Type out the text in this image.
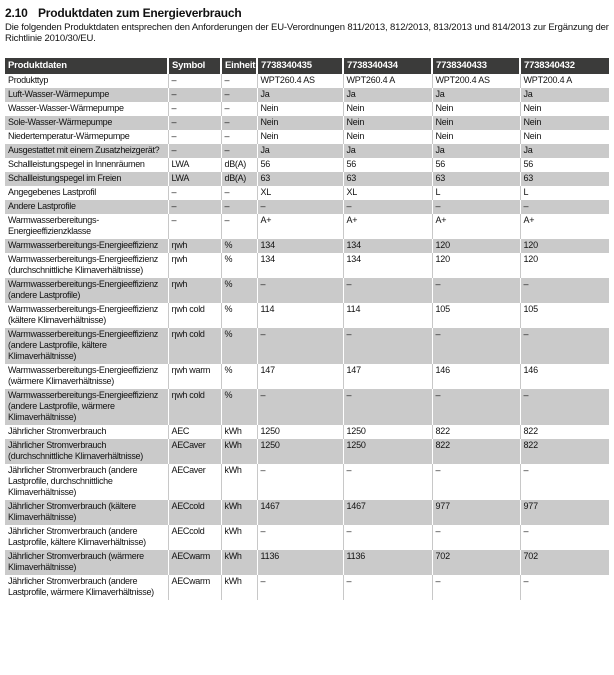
2.10 Produktdaten zum Energieverbrauch

Die folgenden Produktdaten entsprechen den Anforderungen der EU-Verordnungen 811/2013, 812/2013, 813/2013 und 814/2013 zur Ergänzung der Richtlinie 2010/30/EU.

Produktdaten	Symbol	Einheit	7738340435	7738340434	7738340433	7738340432
Produkttyp	–	–	WPT260.4 AS	WPT260.4 A	WPT200.4 AS	WPT200.4 A
Luft-Wasser-Wärmepumpe	–	–	Ja	Ja	Ja	Ja
Wasser-Wasser-Wärmepumpe	–	–	Nein	Nein	Nein	Nein
Sole-Wasser-Wärmepumpe	–	–	Nein	Nein	Nein	Nein
Niedertemperatur-Wärmepumpe	–	–	Nein	Nein	Nein	Nein
Ausgestattet mit einem Zusatzheizgerät?	–	–	Ja	Ja	Ja	Ja
Schallleistungspegel in Innenräumen	LWA	dB(A)	56	56	56	56
Schallleistungspegel im Freien	LWA	dB(A)	63	63	63	63
Angegebenes Lastprofil	–	–	XL	XL	L	L
Andere Lastprofile	–	–	–	–	–	–
Warmwasserbereitungs-Energieeffizienzklasse	–	–	A+	A+	A+	A+
Warmwasserbereitungs-Energieeffizienz	ηwh	%	134	134	120	120
Warmwasserbereitungs-Energieeffizienz (durchschnittliche Klimaverhältnisse)	ηwh	%	134	134	120	120
Warmwasserbereitungs-Energieeffizienz (andere Lastprofile)	ηwh	%	–	–	–	–
Warmwasserbereitungs-Energieeffizienz (kältere Klimaverhältnisse)	ηwh cold	%	114	114	105	105
Warmwasserbereitungs-Energieeffizienz (andere Lastprofile, kältere Klimaverhältnisse)	ηwh cold	%	–	–	–	–
Warmwasserbereitungs-Energieeffizienz (wärmere Klimaverhältnisse)	ηwh warm	%	147	147	146	146
Warmwasserbereitungs-Energieeffizienz (andere Lastprofile, wärmere Klimaverhältnisse)	ηwh cold	%	–	–	–	–
Jährlicher Stromverbrauch	AEC	kWh	1250	1250	822	822
Jährlicher Stromverbrauch (durchschnittliche Klimaverhältnisse)	AECaver	kWh	1250	1250	822	822
Jährlicher Stromverbrauch (andere Lastprofile, durchschnittliche Klimaverhältnisse)	AECaver	kWh	–	–	–	–
Jährlicher Stromverbrauch (kältere Klimaverhältnisse)	AECcold	kWh	1467	1467	977	977
Jährlicher Stromverbrauch (andere Lastprofile, kältere Klimaverhältnisse)	AECcold	kWh	–	–	–	–
Jährlicher Stromverbrauch (wärmere Klimaverhältnisse)	AECwarm	kWh	1136	1136	702	702
Jährlicher Stromverbrauch (andere Lastprofile, wärmere Klimaverhältnisse)	AECwarm	kWh	–	–	–	–
